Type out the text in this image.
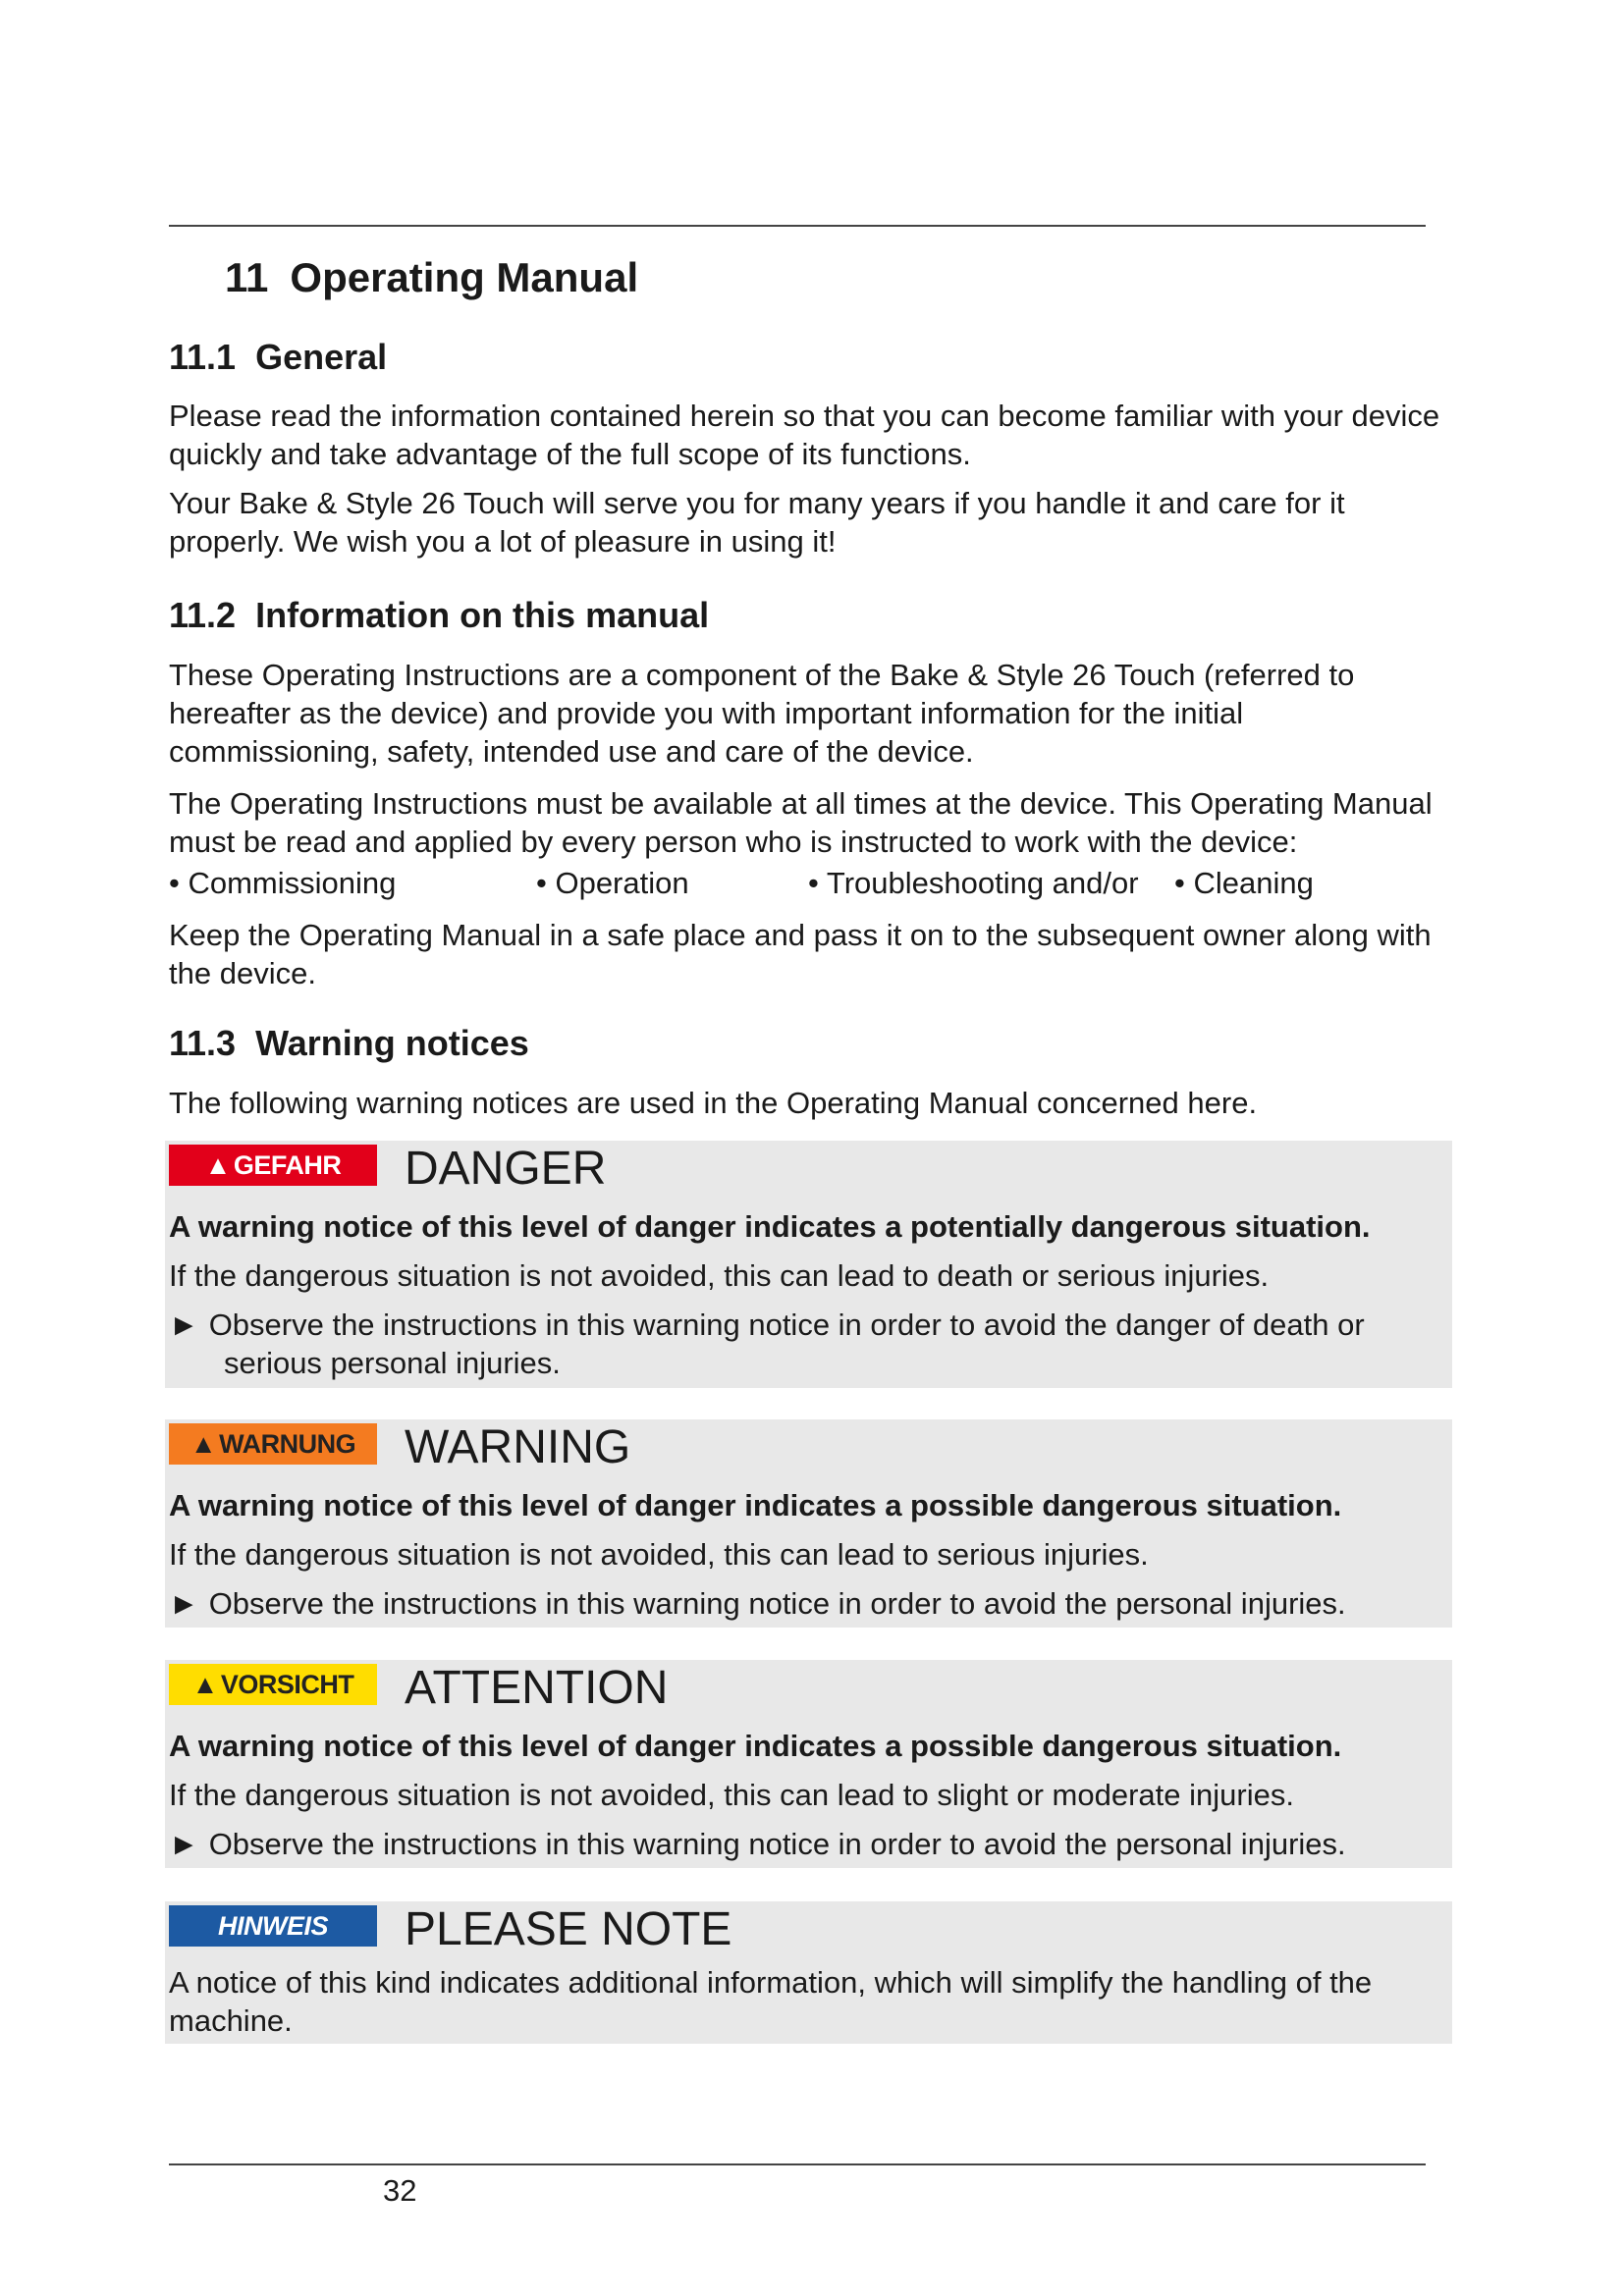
11 Operating Manual
11.1 General

Please read the information contained herein so that you can become familiar with your device quickly and take advantage of the full scope of its functions.

Your Bake & Style 26 Touch will serve you for many years if you handle it and care for it properly. We wish you a lot of pleasure in using it!

11.2 Information on this manual
These Operating Instructions are a component of the Bake & Style 26 Touch (referred to hereafter as the device) and provide you with important information for the initial commissioning, safety, intended use and care of the device.
The Operating Instructions must be available at all times at the device. This Operating Manual must be read and applied by every person who is instructed to work with the device:
• Commissioning	• Operation	• Troubleshooting and/or • Cleaning
Keep the Operating Manual in a safe place and pass it on to the subsequent owner along with the device.
11.3 Warning notices
The following warning notices are used in the Operating Manual concerned here.
▲ GEFAHR	DANGER
A warning notice of this level of danger indicates a potentially dangerous situation.
If the dangerous situation is not avoided, this can lead to death or serious injuries.
► Observe the instructions in this warning notice in order to avoid the danger of death or
serious personal injuries.
▲ WARNUNG	WARNING
A warning notice of this level of danger indicates a possible dangerous situation.
If the dangerous situation is not avoided, this can lead to serious injuries.
► Observe the instructions in this warning notice in order to avoid the personal injuries.
▲ VORSICHT	ATTENTION
A warning notice of this level of danger indicates a possible dangerous situation.
If the dangerous situation is not avoided, this can lead to slight or moderate injuries.
► Observe the instructions in this warning notice in order to avoid the personal injuries.
HINWEIS	PLEASE NOTE
A notice of this kind indicates additional information, which will simplify the handling of the machine.
32
